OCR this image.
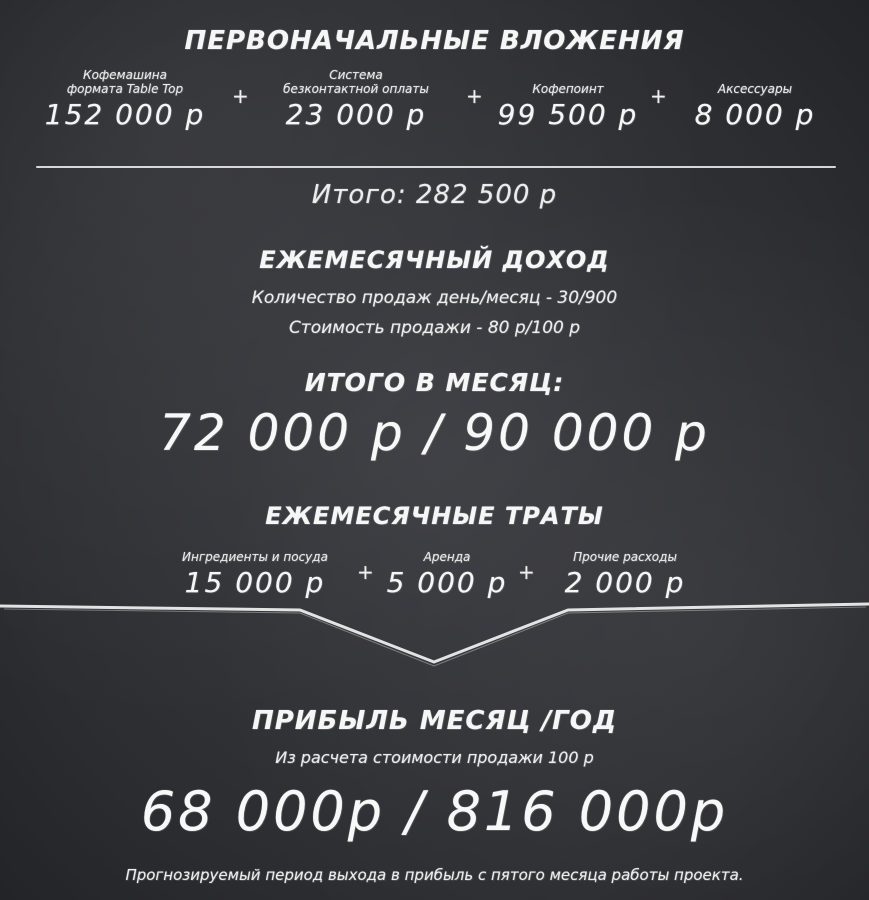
ПЕРВОНАЧАЛЬНЫЕ ВЛОЖЕНИЯ
Кофемашина
формата Table Top
152 000 р
+
Система
безконтактной оплаты
23 000 р
+
	Кофепоинт
99 500 р
+
	Аксессуары
8 000 р
Итого: 282 500 р
ЕЖЕМЕСЯЧНЫЙ ДОХОД
Количество продаж день/месяц - 30/900
Стоимость продажи - 80 р/100 р
ИТОГО В МЕСЯЦ:
72 000 р / 90 000 р
ЕЖЕМЕСЯЧНЫЕ ТРАТЫ
Ингредиенты и посуда
15 000 р	+
Аренда
5 000 р +
Прочие расходы
2 000 р
ПРИБЫЛЬ МЕСЯЦ /ГОД
Из расчета стоимости продажи 100 р
68 000р / 816 000р
Прогнозируемый период выхода в прибыль с пятого месяца работы проекта.
